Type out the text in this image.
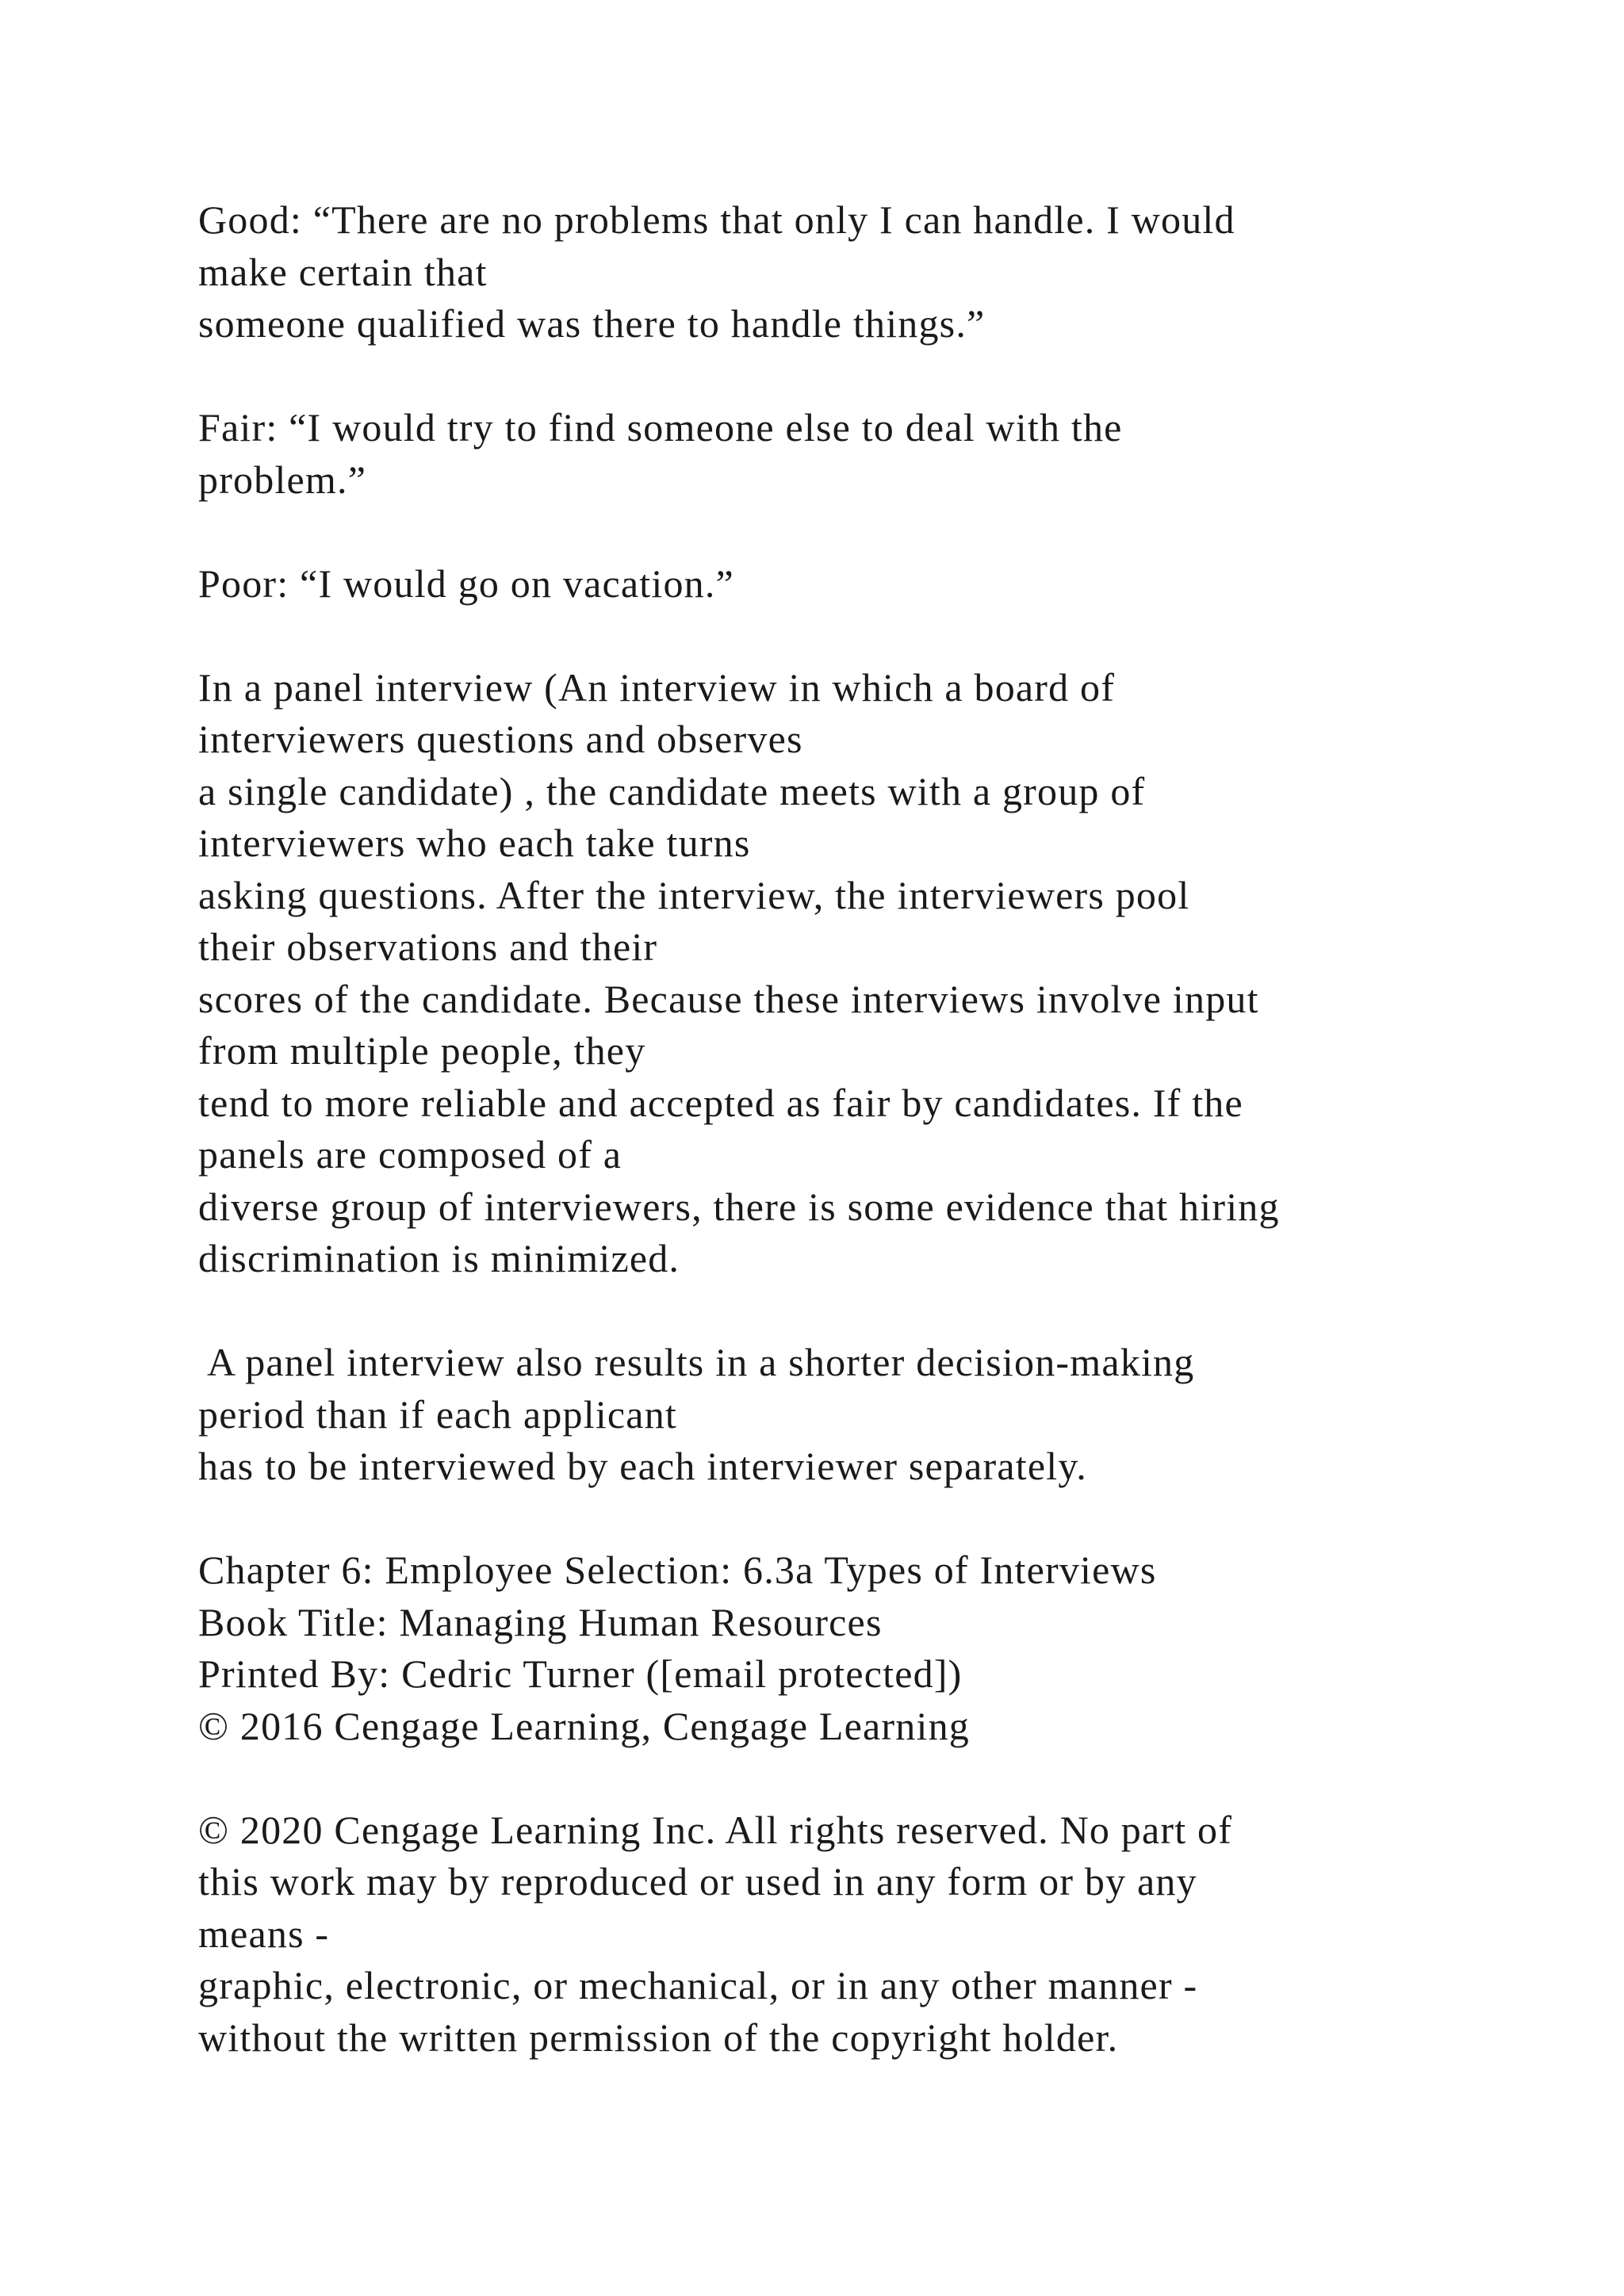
Good: “There are no problems that only I can handle. I would
make certain that
someone qualified was there to handle things.”
Fair: “I would try to find someone else to deal with the
problem.”
Poor: “I would go on vacation.”
In a panel interview (An interview in which a board of
interviewers questions and observes
a single candidate) , the candidate meets with a group of
interviewers who each take turns
asking questions. After the interview, the interviewers pool
their observations and their
scores of the candidate. Because these interviews involve input
from multiple people, they
tend to more reliable and accepted as fair by candidates. If the
panels are composed of a
diverse group of interviewers, there is some evidence that hiring
discrimination is minimized.
A panel interview also results in a shorter decision-making
period than if each applicant
has to be interviewed by each interviewer separately.
Chapter 6: Employee Selection: 6.3a Types of Interviews
Book Title: Managing Human Resources
Printed By: Cedric Turner ([email protected])
© 2016 Cengage Learning, Cengage Learning
© 2020 Cengage Learning Inc. All rights reserved. No part of
this work may by reproduced or used in any form or by any
means -
graphic, electronic, or mechanical, or in any other manner -
without the written permission of the copyright holder.
